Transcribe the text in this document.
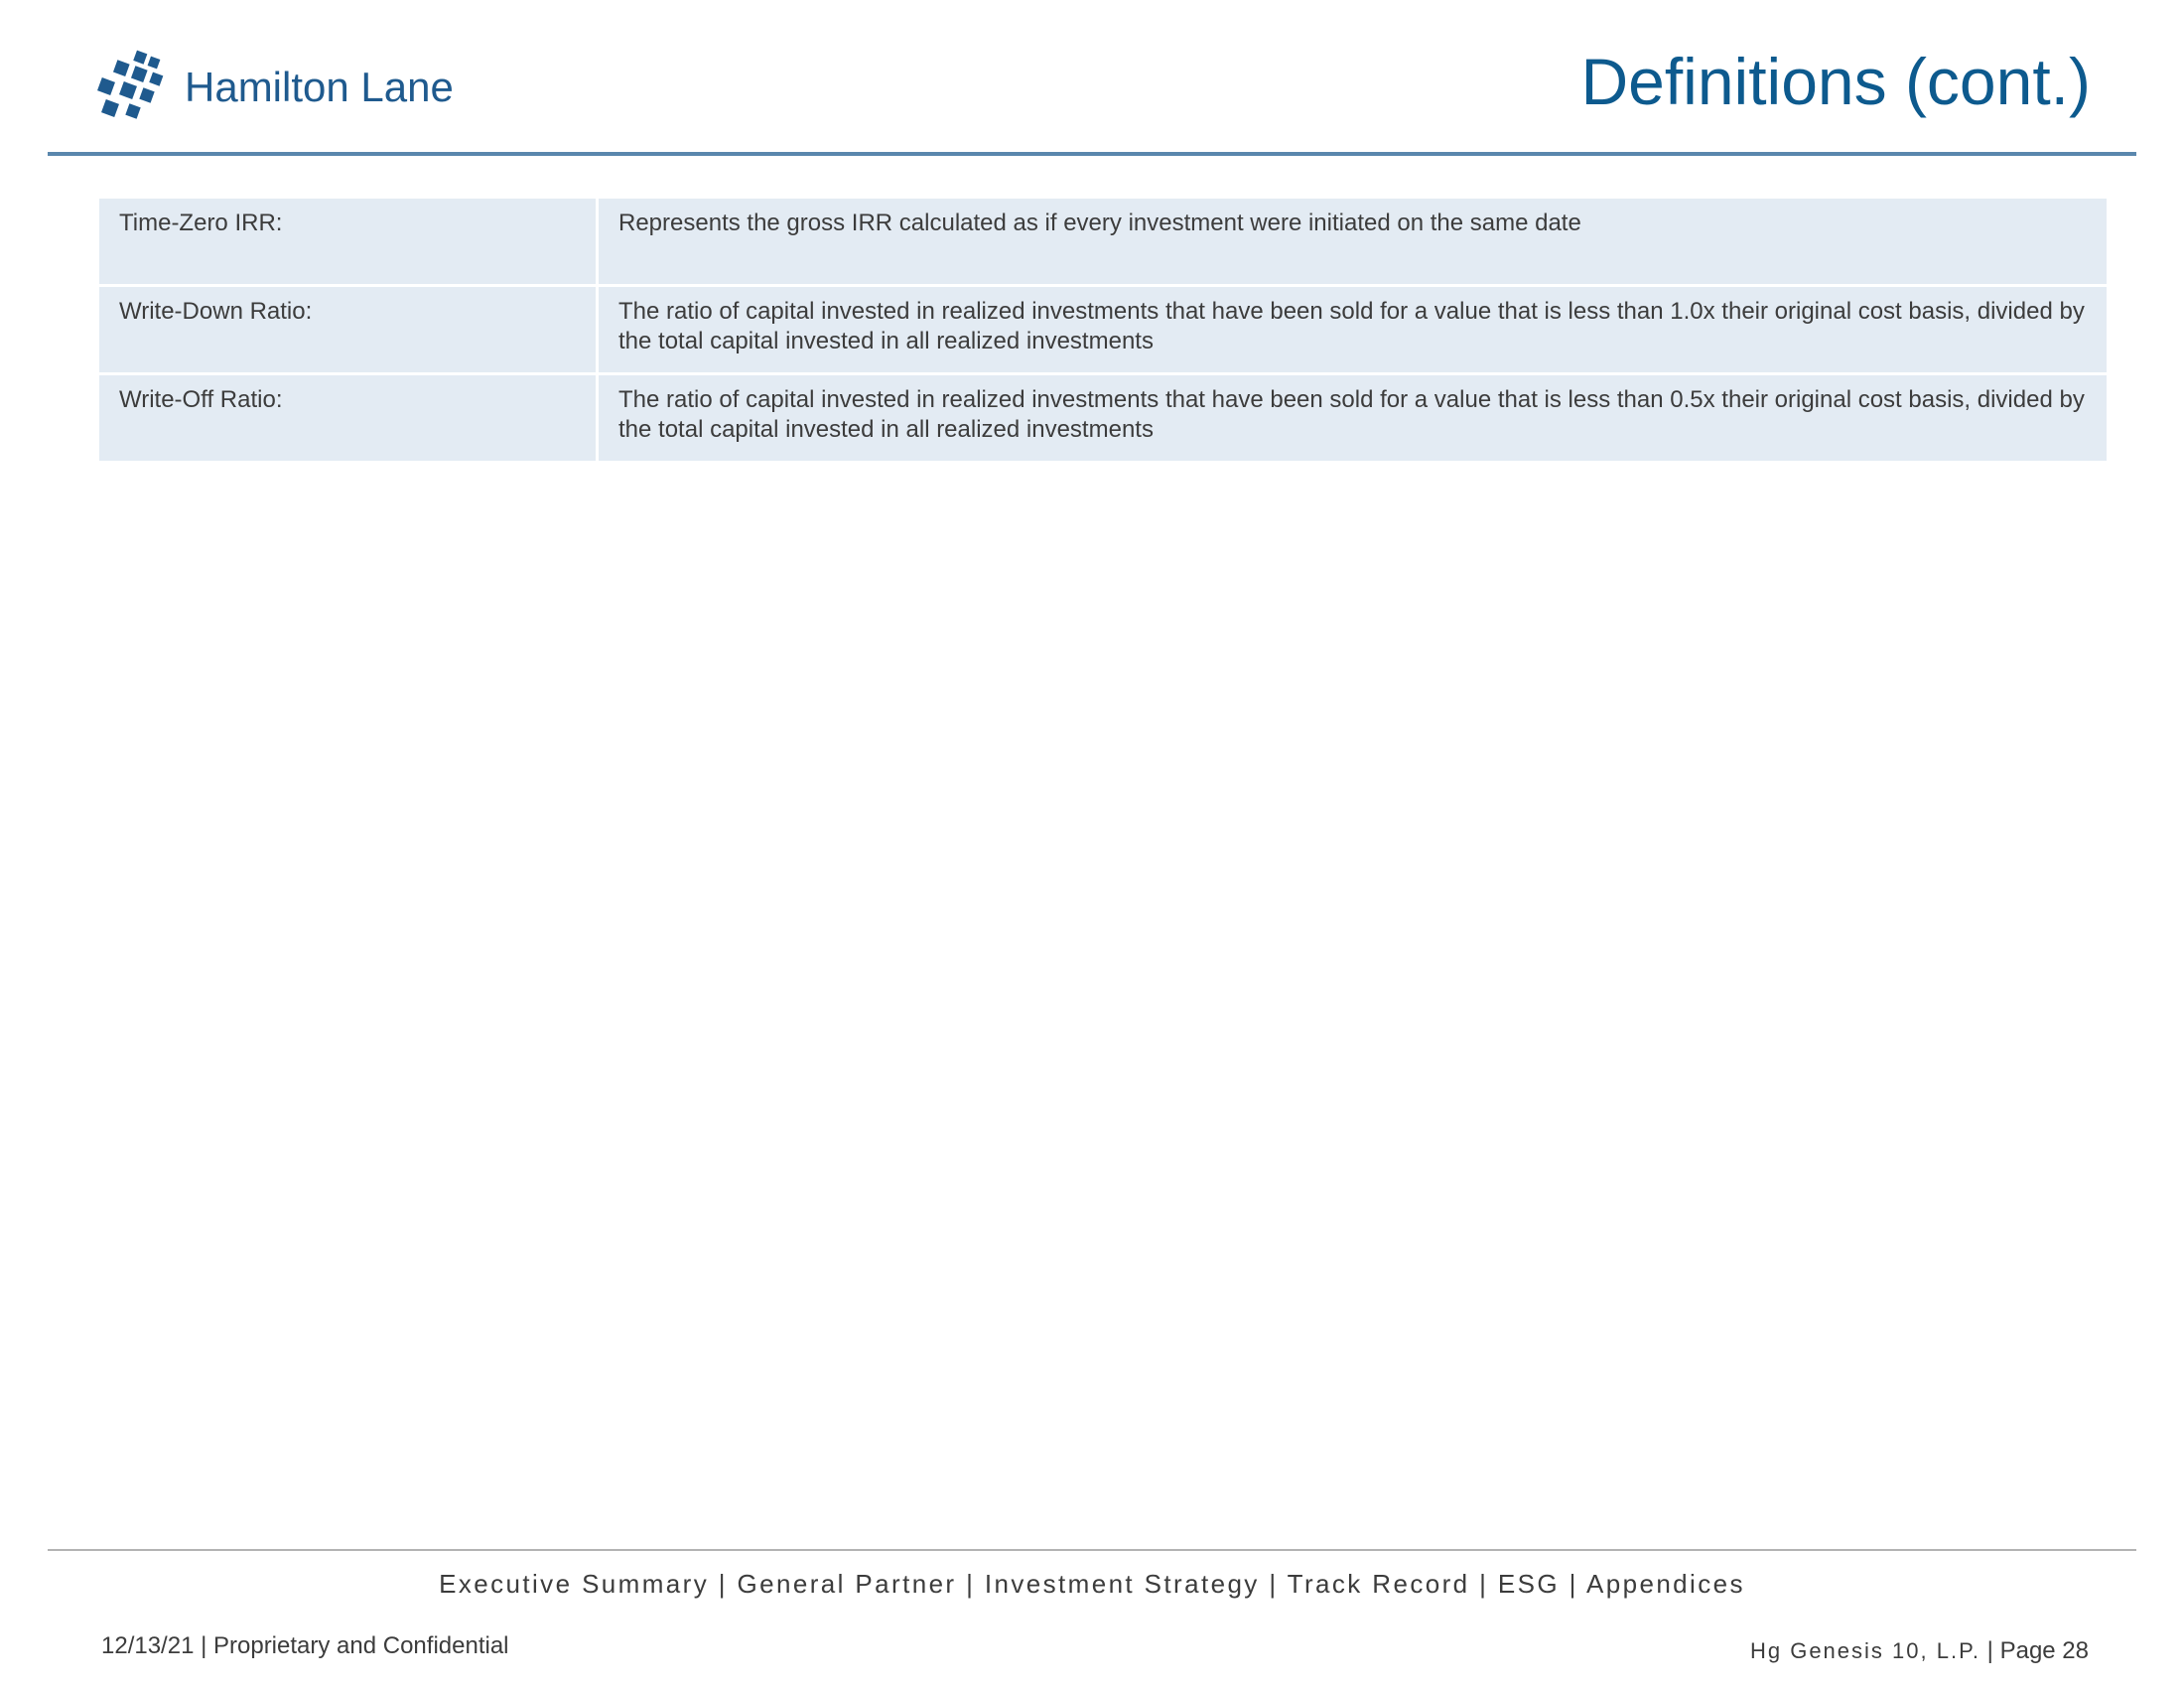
Hamilton Lane	Definitions (cont.)
Time-Zero IRR:	Represents the gross IRR calculated as if every investment were initiated on the same date
Write-Down Ratio:	The ratio of capital invested in realized investments that have been sold for a value that is less than 1.0x their original cost basis, divided by the total capital invested in all realized investments
Write-Off Ratio:	The ratio of capital invested in realized investments that have been sold for a value that is less than 0.5x their original cost basis, divided by the total capital invested in all realized investments
Executive Summary | General Partner | Investment Strategy | Track Record | ESG | Appendices
12/13/21 | Proprietary and Confidential	Hg Genesis 10, L.P. | Page 28
